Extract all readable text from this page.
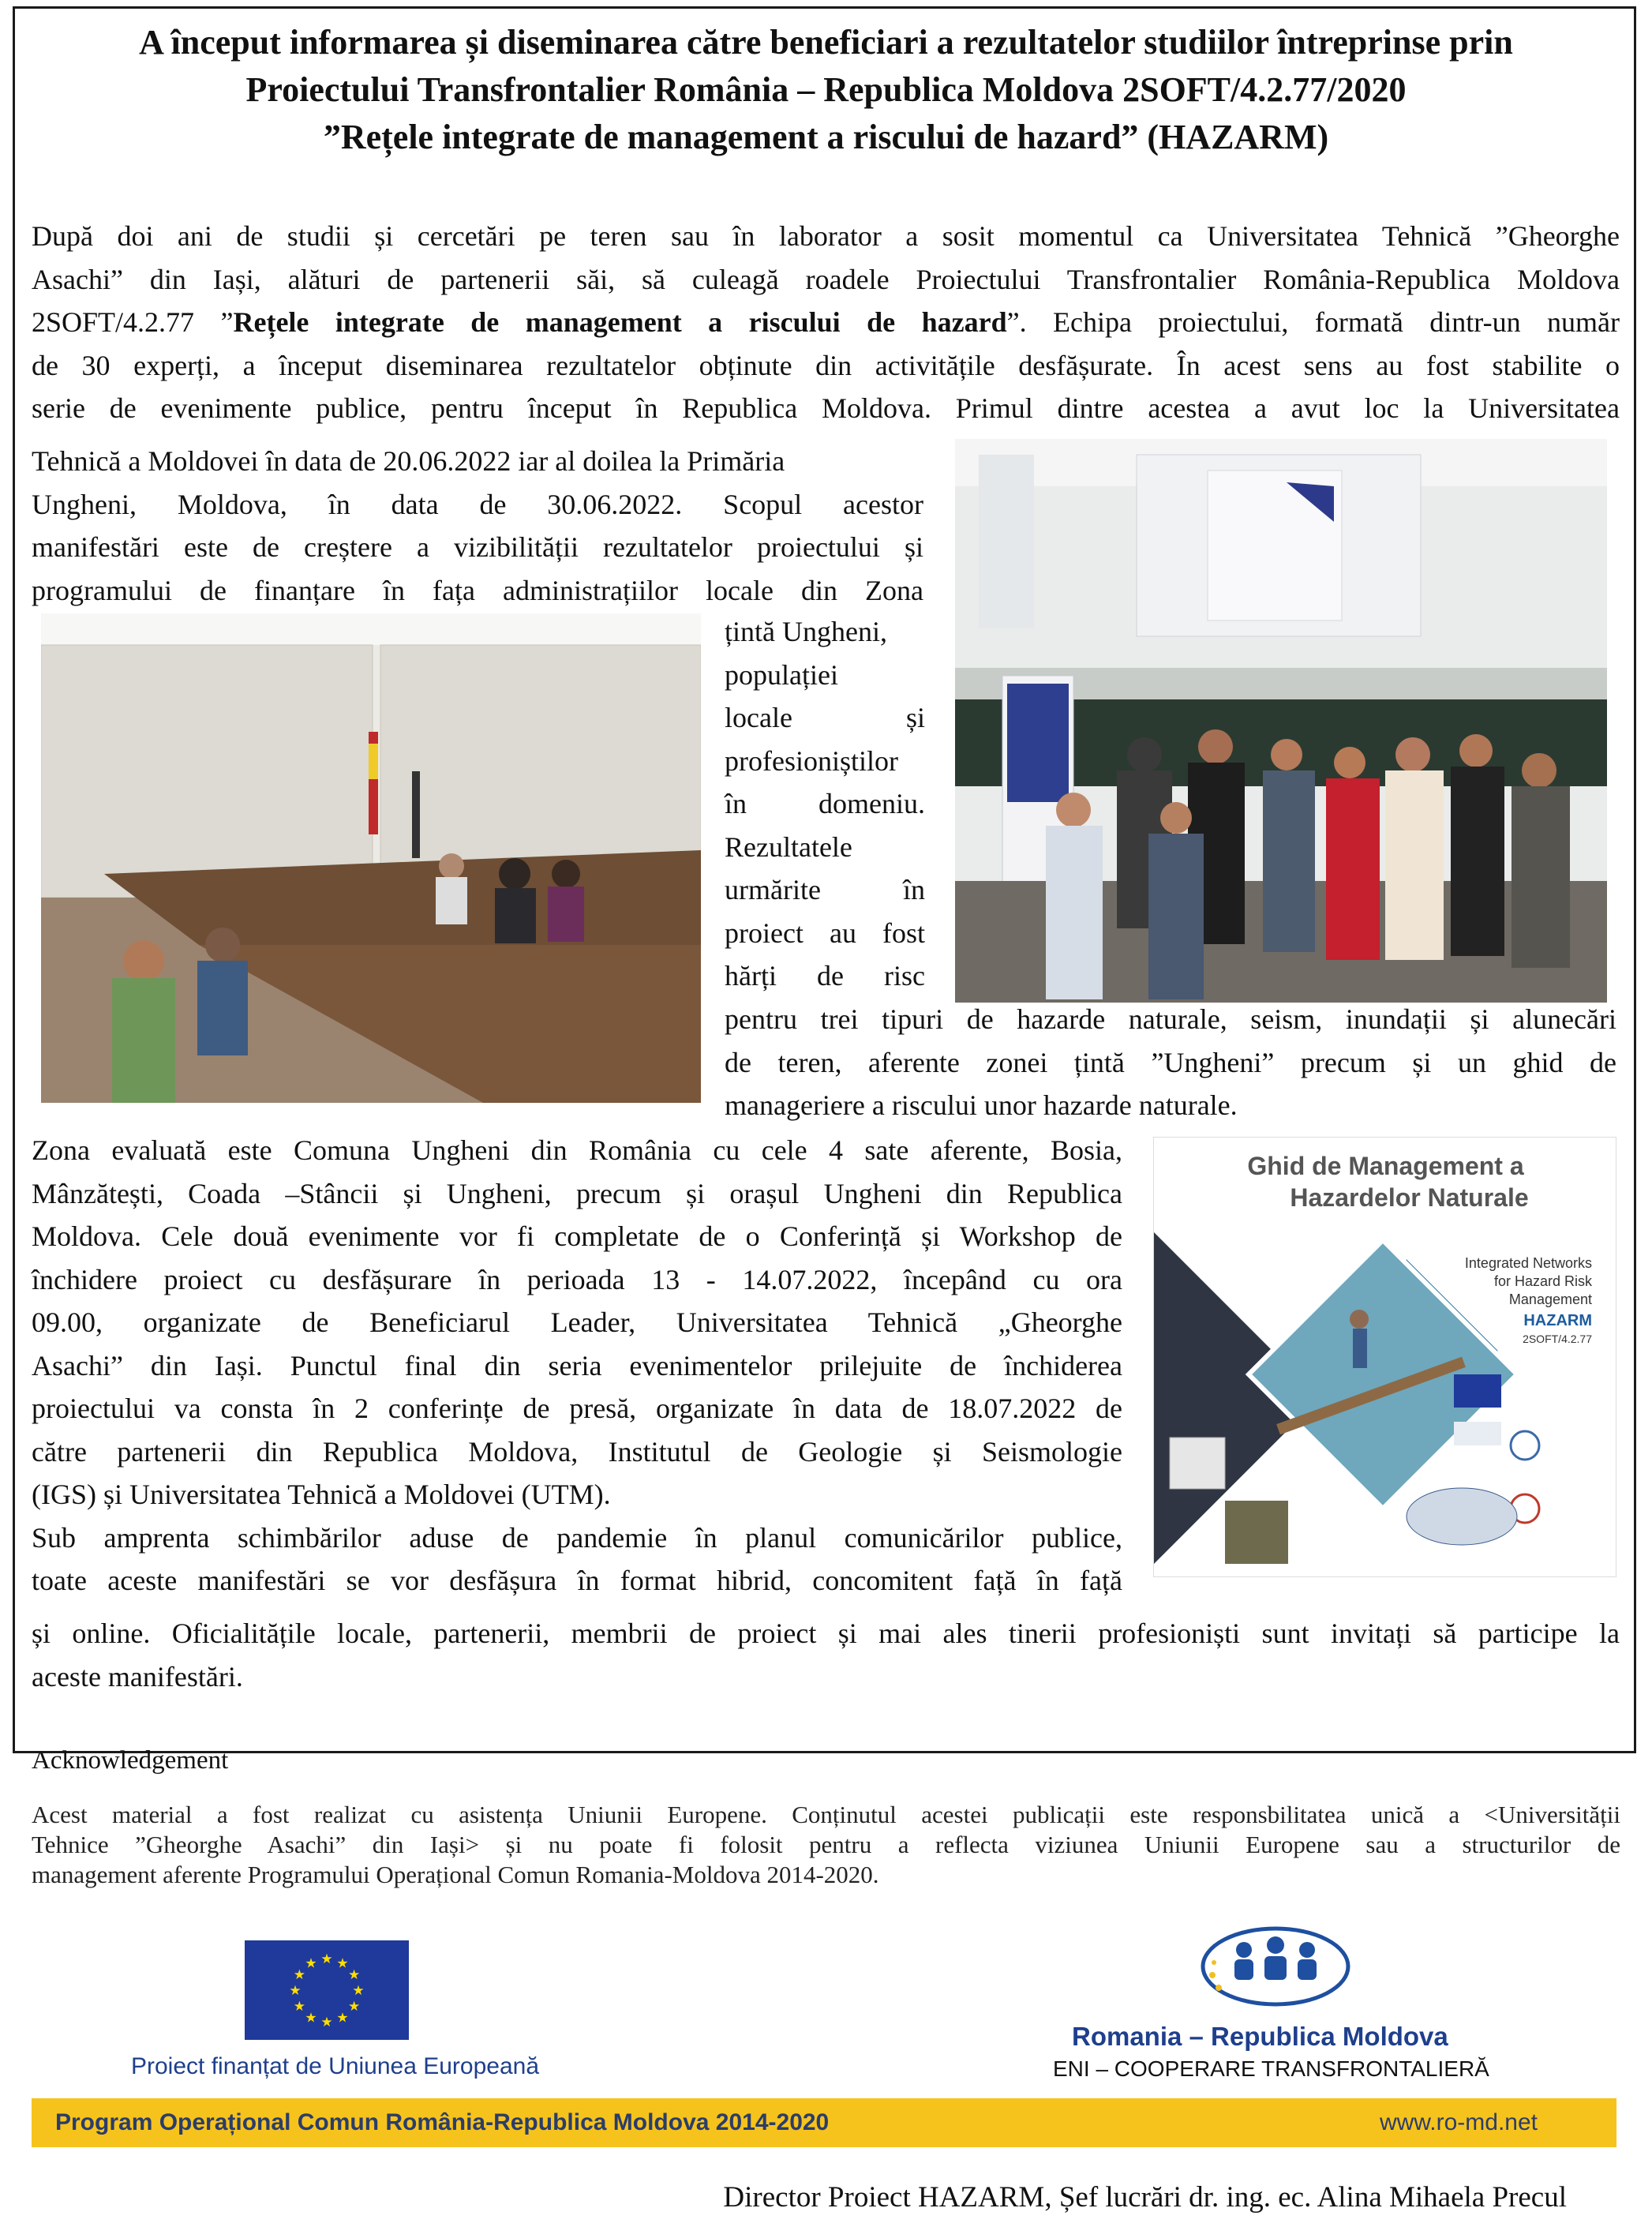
A început informarea și diseminarea către beneficiari a rezultatelor studiilor întreprinse prin
Proiectului Transfrontalier România – Republica Moldova 2SOFT/4.2.77/2020
”Rețele integrate de management a riscului de hazard” (HAZARM)
După doi ani de studii și cercetări pe teren sau în laborator a sosit momentul ca Universitatea Tehnică ”Gheorghe
Asachi” din Iași, alături de partenerii săi, să culeagă roadele Proiectului Transfrontalier România-Republica Moldova
2SOFT/4.2.77 ”Rețele integrate de management a riscului de hazard”. Echipa proiectului, formată dintr-un număr
de 30 experți, a început diseminarea rezultatelor obținute din activitățile desfășurate. În acest sens au fost stabilite o
serie de evenimente publice, pentru început în Republica Moldova. Primul dintre acestea a avut loc la Universitatea
Tehnică a Moldovei în data de 20.06.2022 iar al doilea la Primăria
Ungheni, Moldova, în data de 30.06.2022. Scopul acestor
manifestări este de creștere a vizibilității rezultatelor proiectului și
programului de finanțare în fața administrațiilor locale din Zona
țintă Ungheni,
populației
locale și
profesioniștilor
în domeniu.
Rezultatele
urmărite în
proiect au fost
hărți de risc
pentru trei tipuri de hazarde naturale, seism, inundații și alunecări
de teren, aferente zonei țintă ”Ungheni” precum și un ghid de
manageriere a riscului unor hazarde naturale.
Zona evaluată este Comuna Ungheni din România cu cele 4 sate aferente, Bosia,
Mânzătești, Coada –Stâncii și Ungheni, precum și orașul Ungheni din Republica
Moldova. Cele două evenimente vor fi completate de o Conferință și Workshop de
închidere proiect cu desfășurare în perioada 13 - 14.07.2022, începând cu ora
09.00, organizate de Beneficiarul Leader, Universitatea Tehnică „Gheorghe
Asachi” din Iași. Punctul final din seria evenimentelor prilejuite de închiderea
proiectului va consta în 2 conferințe de presă, organizate în data de 18.07.2022 de
către partenerii din Republica Moldova, Institutul de Geologie și Seismologie
(IGS) și Universitatea Tehnică a Moldovei (UTM).
Sub amprenta schimbărilor aduse de pandemie în planul comunicărilor publice,
toate aceste manifestări se vor desfășura în format hibrid, concomitent față în față
și online. Oficialitățile locale, partenerii, membrii de proiect și mai ales tinerii profesioniști sunt invitați să participe la
aceste manifestări.
Ghid de Management a
Hazardelor Naturale
Integrated Networks
for Hazard Risk
Management
HAZARM
2SOFT/4.2.77
Acknowledgement
Acest material a fost realizat cu asistența Uniunii Europene. Conținutul acestei publicații este responsbilitatea unică a <Universității
Tehnice ”Gheorghe Asachi” din Iași> și nu poate fi folosit pentru a reflecta viziunea Uniunii Europene sau a structurilor de
management aferente Programului Operațional Comun Romania-Moldova 2014-2020.
★ ★
★
★
★
★
★
★
★
★
★
★
Proiect finanțat de Uniunea Europeană
Romania – Republica Moldova
ENI – COOPERARE TRANSFRONTALIERĂ
Program Operațional Comun România-Republica Moldova 2014-2020	www.ro-md.net
Director Proiect HAZARM, Șef lucrări dr. ing. ec. Alina Mihaela Precul
